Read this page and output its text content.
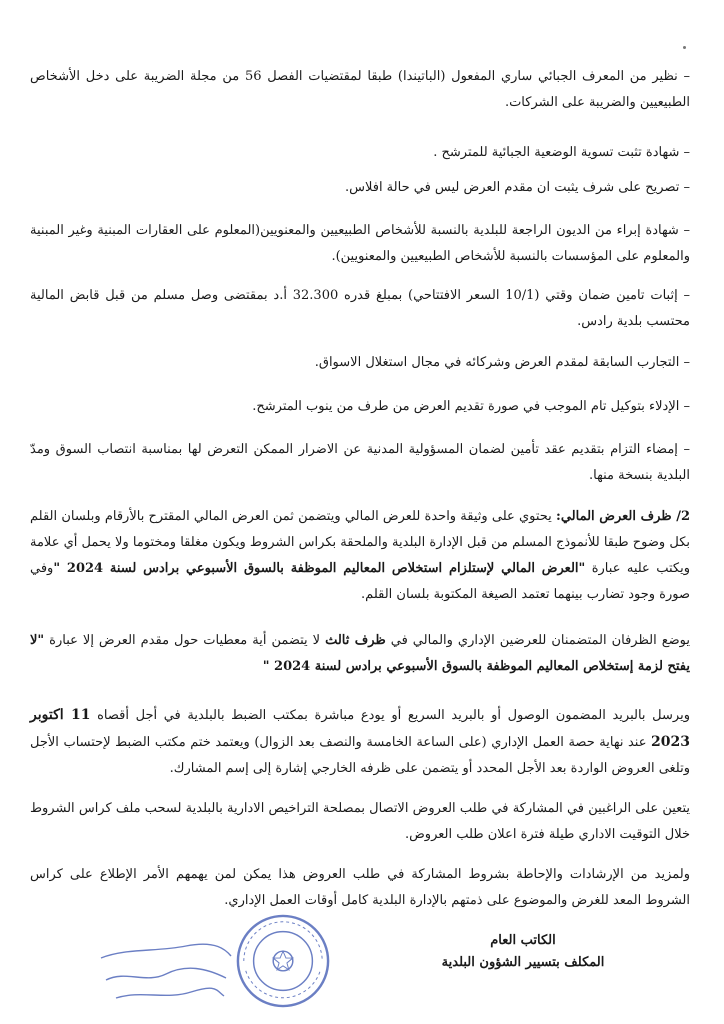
– نظير من المعرف الجبائي ساري المفعول (الباتيندا) طبقا لمقتضيات الفصل 56 من مجلة الضريبة على دخل الأشخاص الطبيعيين والضريبة على الشركات.

– شهادة تثبت تسوية الوضعية الجبائية للمترشح .

– تصريح على شرف يثبت ان مقدم العرض ليس في حالة افلاس.

– شهادة إبراء من الديون الراجعة للبلدية بالنسبة للأشخاص الطبيعيين والمعنويين(المعلوم على العقارات المبنية وغير المبنية والمعلوم على المؤسسات بالنسبة للأشخاص الطبيعيين والمعنويين).

– إثبات تامين ضمان وقتي (10/1 السعر الافتتاحي) بمبلغ قدره 32.300 أ.د بمقتضى وصل مسلم من قبل قابض المالية محتسب بلدية رادس.

– التجارب السابقة لمقدم العرض وشركائه في مجال استغلال الاسواق.

– الإدلاء بتوكيل تام الموجب في صورة تقديم العرض من طرف من ينوب المترشح.

– إمضاء التزام بتقديم عقد تأمين لضمان المسؤولية المدنية عن الاضرار الممكن التعرض لها بمناسبة انتصاب السوق ومدّ البلدية بنسخة منها.

2/ ظرف العرض المالي: يحتوي على وثيقة واحدة للعرض المالي ويتضمن ثمن العرض المالي المقترح بالأرقام وبلسان القلم بكل وضوح طبقا للأنموذج المسلم من قبل الإدارة البلدية والملحقة بكراس الشروط ويكون مغلقا ومختوما ولا يحمل أي علامة ويكتب عليه عبارة "العرض المالي لإستلزام استخلاص المعاليم الموظفة بالسوق الأسبوعي برادس لسنة 2024 "وفي صورة وجود تضارب بينهما تعتمد الصيغة المكتوبة بلسان القلم.

يوضع الظرفان المتضمنان للعرضين الإداري والمالي في ظرف ثالث لا يتضمن أية معطيات حول مقدم العرض إلا عبارة "لا يفتح لزمة إستخلاص المعاليم الموظفة بالسوق الأسبوعي برادس لسنة 2024 "

ويرسل بالبريد المضمون الوصول أو بالبريد السريع أو يودع مباشرة بمكتب الضبط بالبلدية في أجل أقصاه 11 اكتوبر 2023 عند نهاية حصة العمل الإداري (على الساعة الخامسة والنصف بعد الزوال) ويعتمد ختم مكتب الضبط لإحتساب الأجل وتلغى العروض الواردة بعد الأجل المحدد أو يتضمن على ظرفه الخارجي إشارة إلى إسم المشارك.

يتعين على الراغبين في المشاركة في طلب العروض الاتصال بمصلحة التراخيص الادارية بالبلدية لسحب ملف كراس الشروط خلال التوقيت الاداري طيلة فترة اعلان طلب العروض.

ولمزيد من الإرشادات والإحاطة بشروط المشاركة في طلب العروض هذا يمكن لمن يهمهم الأمر الإطلاع على كراس الشروط المعد للغرض والموضوع على ذمتهم بالإدارة البلدية كامل أوقات العمل الإداري.

الكاتب العام
المكلف بتسيير الشؤون البلدية
